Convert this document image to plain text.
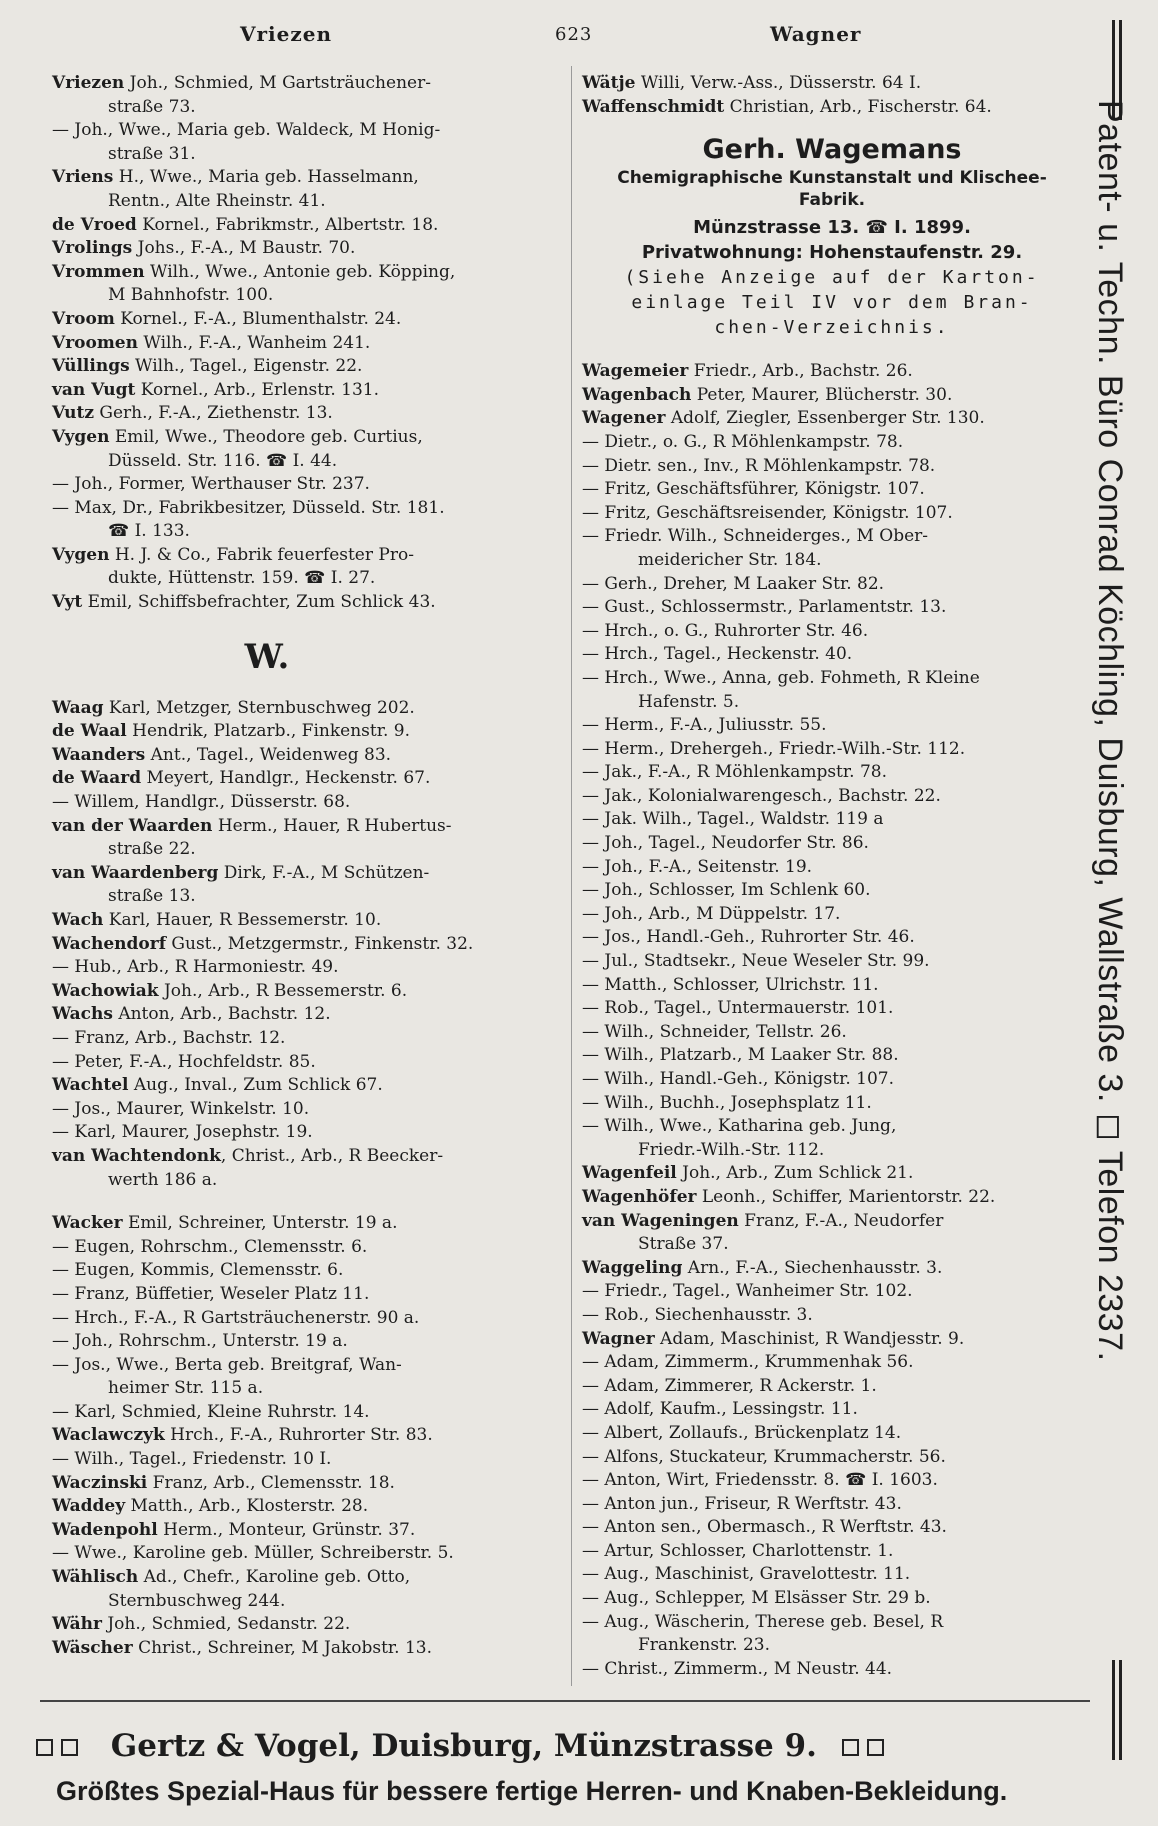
Vriezen	623	Wagner
Vriezen Joh., Schmied, M Gartsträuchener-
straße 73.
— Joh., Wwe., Maria geb. Waldeck, M Honig-
straße 31.
Vriens H., Wwe., Maria geb. Hasselmann,
Rentn., Alte Rheinstr. 41.
de Vroed Kornel., Fabrikmstr., Albertstr. 18.
Vrolings Johs., F.-A., M Baustr. 70.
Vrommen Wilh., Wwe., Antonie geb. Köpping,
M Bahnhofstr. 100.
Vroom Kornel., F.-A., Blumenthalstr. 24.
Vroomen Wilh., F.-A., Wanheim 241.
Vüllings Wilh., Tagel., Eigenstr. 22.
van Vugt Kornel., Arb., Erlenstr. 131.
Vutz Gerh., F.-A., Ziethenstr. 13.
Vygen Emil, Wwe., Theodore geb. Curtius,
Düsseld. Str. 116. ☎ I. 44.
— Joh., Former, Werthauser Str. 237.
— Max, Dr., Fabrikbesitzer, Düsseld. Str. 181.
☎ I. 133.
Vygen H. J. & Co., Fabrik feuerfester Pro-
dukte, Hüttenstr. 159. ☎ I. 27.
Vyt Emil, Schiffsbefrachter, Zum Schlick 43.
W.
Waag Karl, Metzger, Sternbuschweg 202.
de Waal Hendrik, Platzarb., Finkenstr. 9.
Waanders Ant., Tagel., Weidenweg 83.
de Waard Meyert, Handlgr., Heckenstr. 67.
— Willem, Handlgr., Düsserstr. 68.
van der Waarden Herm., Hauer, R Hubertus-
straße 22.
van Waardenberg Dirk, F.-A., M Schützen-
straße 13.
Wach Karl, Hauer, R Bessemerstr. 10.
Wachendorf Gust., Metzgermstr., Finkenstr. 32.
— Hub., Arb., R Harmoniestr. 49.
Wachowiak Joh., Arb., R Bessemerstr. 6.
Wachs Anton, Arb., Bachstr. 12.
— Franz, Arb., Bachstr. 12.
— Peter, F.-A., Hochfeldstr. 85.
Wachtel Aug., Inval., Zum Schlick 67.
— Jos., Maurer, Winkelstr. 10.
— Karl, Maurer, Josephstr. 19.
van Wachtendonk, Christ., Arb., R Beecker-
werth 186 a.
Wacker Emil, Schreiner, Unterstr. 19 a.
— Eugen, Rohrschm., Clemensstr. 6.
— Eugen, Kommis, Clemensstr. 6.
— Franz, Büffetier, Weseler Platz 11.
— Hrch., F.-A., R Gartsträuchenerstr. 90 a.
— Joh., Rohrschm., Unterstr. 19 a.
— Jos., Wwe., Berta geb. Breitgraf, Wan-
heimer Str. 115 a.
— Karl, Schmied, Kleine Ruhrstr. 14.
Waclawczyk Hrch., F.-A., Ruhrorter Str. 83.
— Wilh., Tagel., Friedenstr. 10 I.
Waczinski Franz, Arb., Clemensstr. 18.
Waddey Matth., Arb., Klosterstr. 28.
Wadenpohl Herm., Monteur, Grünstr. 37.
— Wwe., Karoline geb. Müller, Schreiberstr. 5.
Wählisch Ad., Chefr., Karoline geb. Otto,
Sternbuschweg 244.
Währ Joh., Schmied, Sedanstr. 22.
Wäscher Christ., Schreiner, M Jakobstr. 13.
Wätje Willi, Verw.-Ass., Düsserstr. 64 I.
Waffenschmidt Christian, Arb., Fischerstr. 64.
Gerh. Wagemans
Chemigraphische Kunstanstalt und Klischee-
Fabrik.
Münzstrasse 13. ☎ I. 1899.
Privatwohnung: Hohenstaufenstr. 29.
(Siehe Anzeige auf der Karton-
einlage Teil IV vor dem Bran-
chen-Verzeichnis.
Wagemeier Friedr., Arb., Bachstr. 26.
Wagenbach Peter, Maurer, Blücherstr. 30.
Wagener Adolf, Ziegler, Essenberger Str. 130.
— Dietr., o. G., R Möhlenkampstr. 78.
— Dietr. sen., Inv., R Möhlenkampstr. 78.
— Fritz, Geschäftsführer, Königstr. 107.
— Fritz, Geschäftsreisender, Königstr. 107.
— Friedr. Wilh., Schneiderges., M Ober-
meidericher Str. 184.
— Gerh., Dreher, M Laaker Str. 82.
— Gust., Schlossermstr., Parlamentstr. 13.
— Hrch., o. G., Ruhrorter Str. 46.
— Hrch., Tagel., Heckenstr. 40.
— Hrch., Wwe., Anna, geb. Fohmeth, R Kleine
Hafenstr. 5.
— Herm., F.-A., Juliusstr. 55.
— Herm., Drehergeh., Friedr.-Wilh.-Str. 112.
— Jak., F.-A., R Möhlenkampstr. 78.
— Jak., Kolonialwarengesch., Bachstr. 22.
— Jak. Wilh., Tagel., Waldstr. 119 a
— Joh., Tagel., Neudorfer Str. 86.
— Joh., F.-A., Seitenstr. 19.
— Joh., Schlosser, Im Schlenk 60.
— Joh., Arb., M Düppelstr. 17.
— Jos., Handl.-Geh., Ruhrorter Str. 46.
— Jul., Stadtsekr., Neue Weseler Str. 99.
— Matth., Schlosser, Ulrichstr. 11.
— Rob., Tagel., Untermauerstr. 101.
— Wilh., Schneider, Tellstr. 26.
— Wilh., Platzarb., M Laaker Str. 88.
— Wilh., Handl.-Geh., Königstr. 107.
— Wilh., Buchh., Josephsplatz 11.
— Wilh., Wwe., Katharina geb. Jung,
Friedr.-Wilh.-Str. 112.
Wagenfeil Joh., Arb., Zum Schlick 21.
Wagenhöfer Leonh., Schiffer, Marientorstr. 22.
van Wageningen Franz, F.-A., Neudorfer
Straße 37.
Waggeling Arn., F.-A., Siechenhausstr. 3.
— Friedr., Tagel., Wanheimer Str. 102.
— Rob., Siechenhausstr. 3.
Wagner Adam, Maschinist, R Wandjesstr. 9.
— Adam, Zimmerm., Krummenhak 56.
— Adam, Zimmerer, R Ackerstr. 1.
— Adolf, Kaufm., Lessingstr. 11.
— Albert, Zollaufs., Brückenplatz 14.
— Alfons, Stuckateur, Krummacherstr. 56.
— Anton, Wirt, Friedensstr. 8. ☎ I. 1603.
— Anton jun., Friseur, R Werftstr. 43.
— Anton sen., Obermasch., R Werftstr. 43.
— Artur, Schlosser, Charlottenstr. 1.
— Aug., Maschinist, Gravelottestr. 11.
— Aug., Schlepper, M Elsässer Str. 29 b.
— Aug., Wäscherin, Therese geb. Besel, R
Frankenstr. 23.
— Christ., Zimmerm., M Neustr. 44.
Patent- u. Techn. Büro Conrad Köchling, Duisburg, Wallstraße 3. ◻ Telefon 2337.
Gertz & Vogel, Duisburg, Münzstrasse 9.
Größtes Spezial-Haus für bessere fertige Herren- und Knaben-Bekleidung.
